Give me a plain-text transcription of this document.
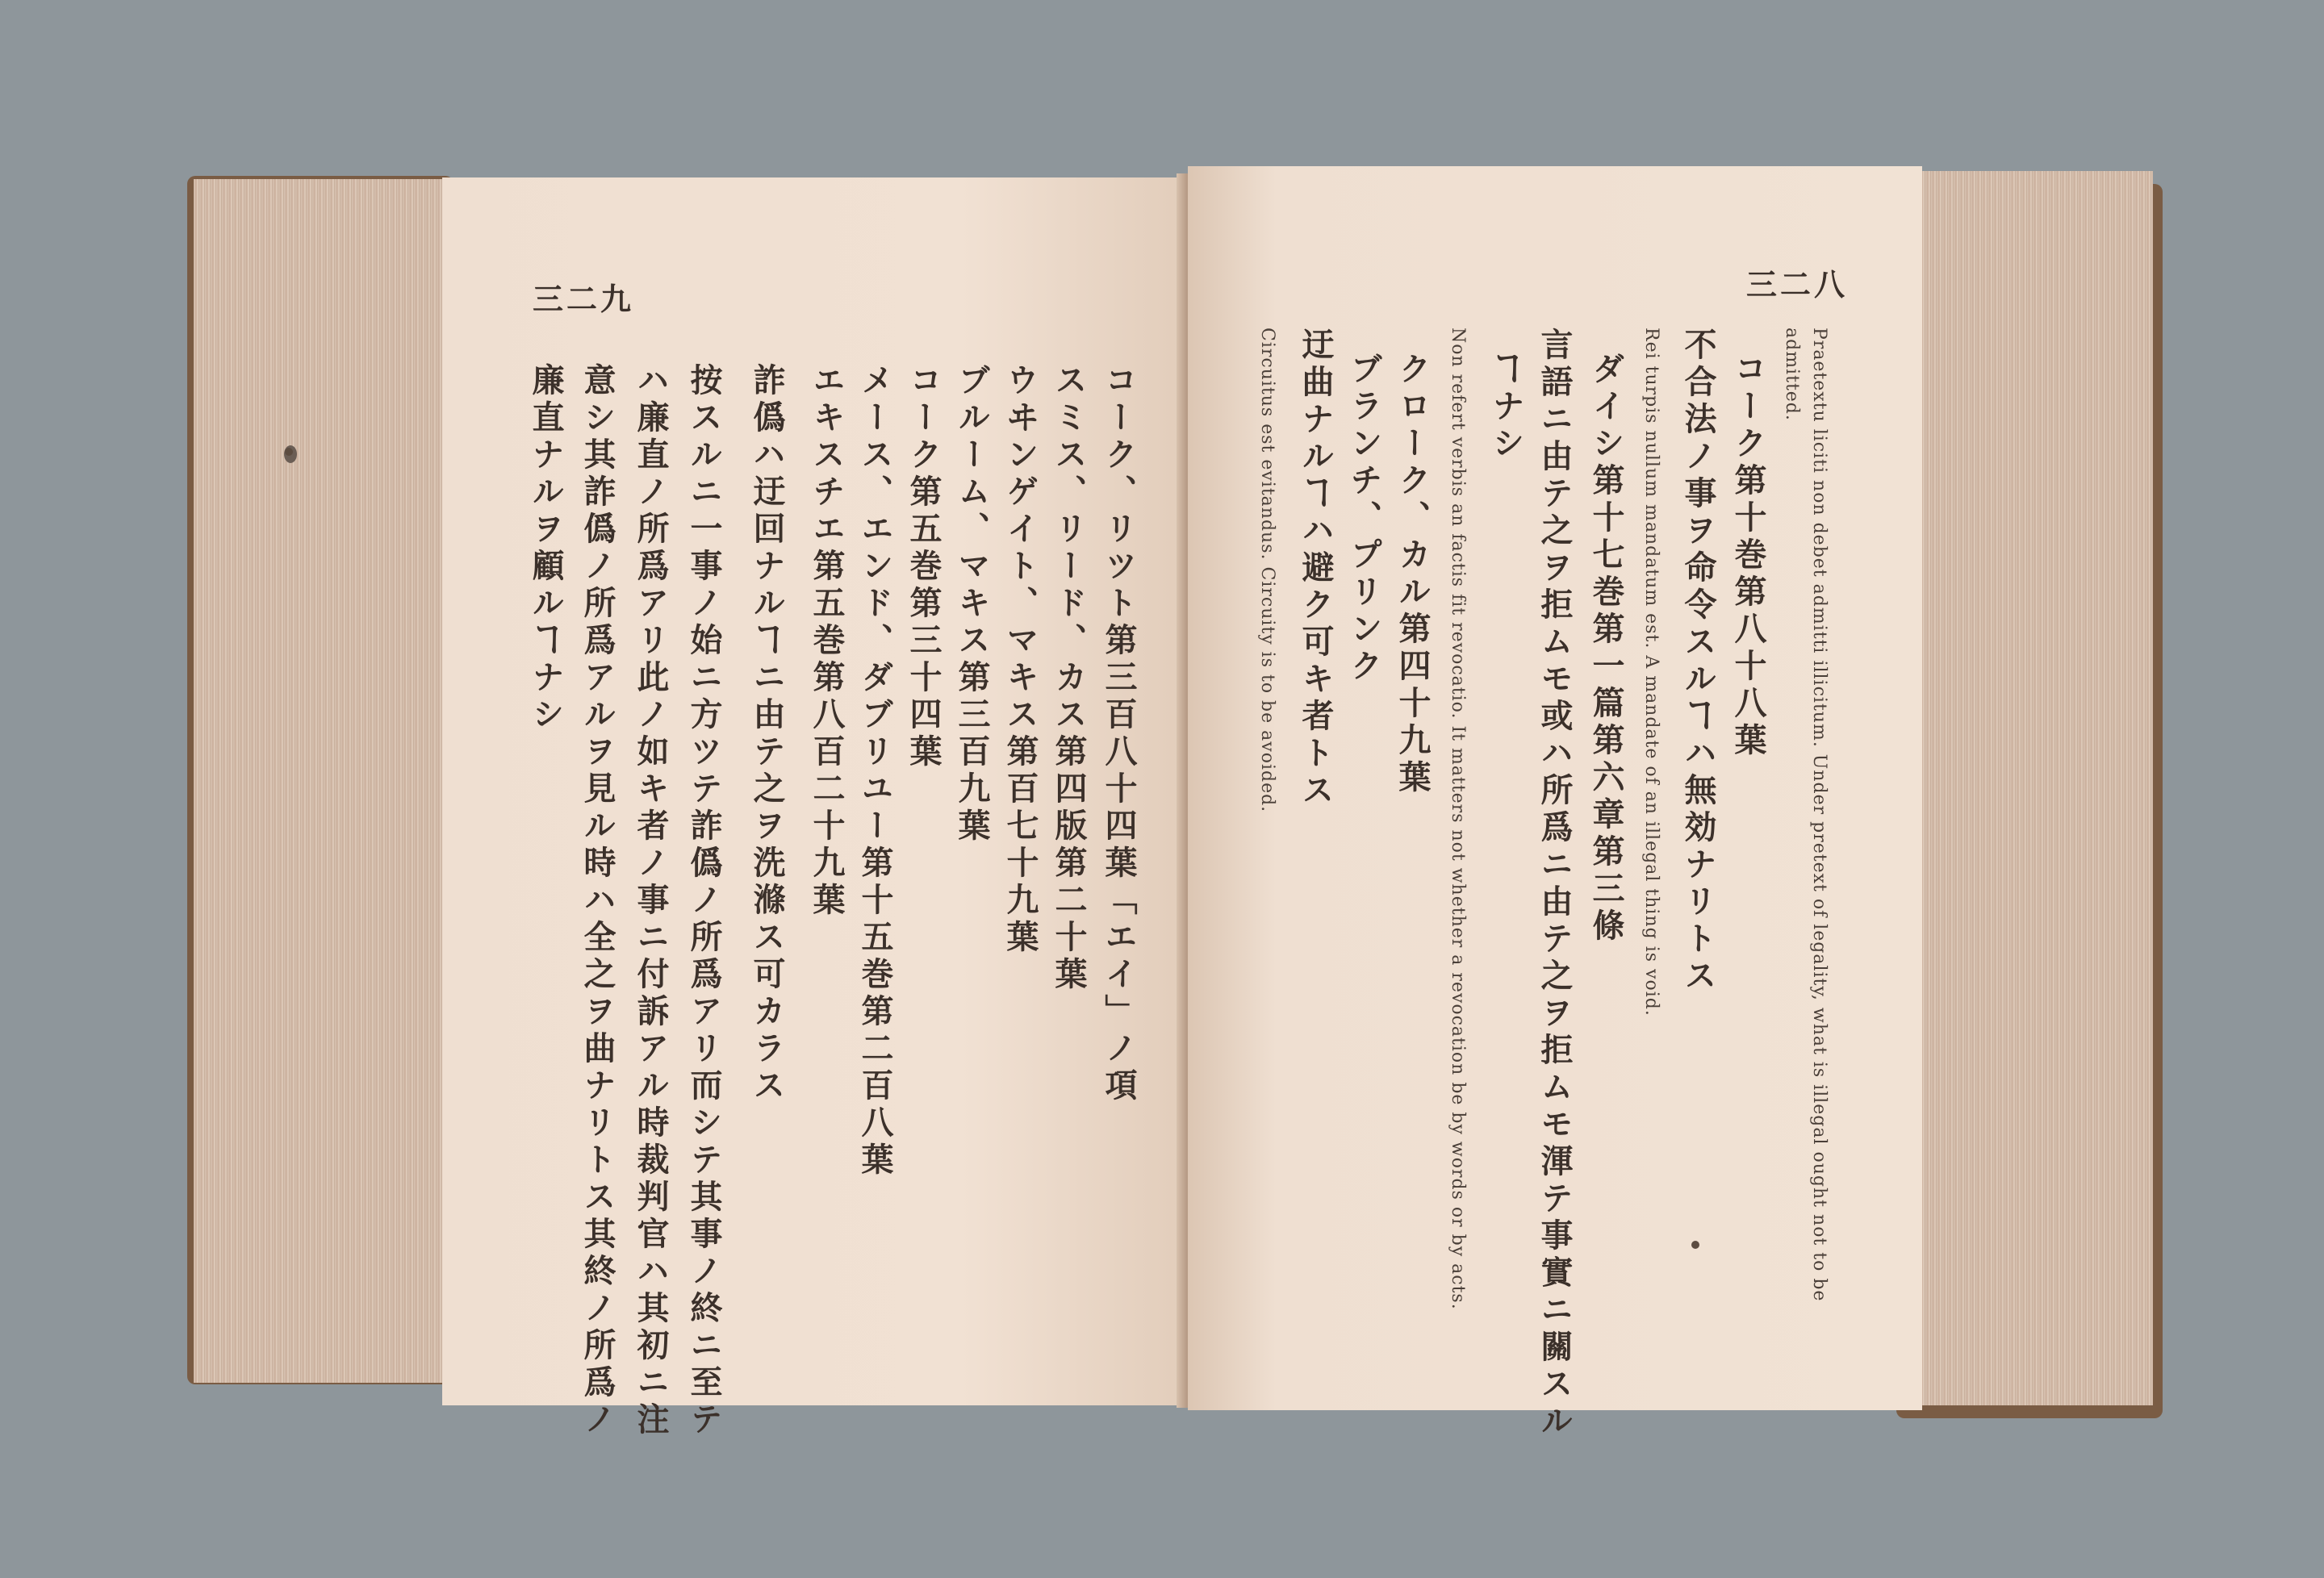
三二九
コーク、リツト第三百八十四葉「エイ」ノ項
スミス、リード、カス第四版第二十葉
ウヰンゲイト、マキス第百七十九葉
ブルーム、マキス第三百九葉
コーク第五巻第三十四葉
メース、エンド、ダブリユー第十五巻第二百八葉
エキスチエ第五巻第八百二十九葉
詐僞ハ迂回ナルヿニ由テ之ヲ洗滌ス可カラス
按スルニ一事ノ始ニ方ツテ詐僞ノ所爲アリ而シテ其事ノ終ニ至テ
ハ廉直ノ所爲アリ此ノ如キ者ノ事ニ付訴アル時裁判官ハ其初ニ注
意シ其詐僞ノ所爲アルヲ見ル時ハ全之ヲ曲ナリトス其終ノ所爲ノ
廉直ナルヲ顧ルヿナシ
三二八
Praetextu liciti non debet admitti illicitum. Under pretext of legality, what is illegal ought not to be
admitted.
コーク第十巻第八十八葉
不合法ノ事ヲ命令スルヿハ無効ナリトス
Rei turpis nullum mandatum est. A mandate of an illegal thing is void.
ダイシ第十七巻第一篇第六章第三條
言語ニ由テ之ヲ拒ムモ或ハ所爲ニ由テ之ヲ拒ムモ渾テ事實ニ關スル
ヿナシ
Non refert verbis an factis fit revocatio. It matters not whether a revocation be by words or by acts.
クローク、カル第四十九葉
ブランチ、プリンク
迂曲ナルヿハ避ク可キ者トス
Circuitus est evitandus. Circuity is to be avoided.
